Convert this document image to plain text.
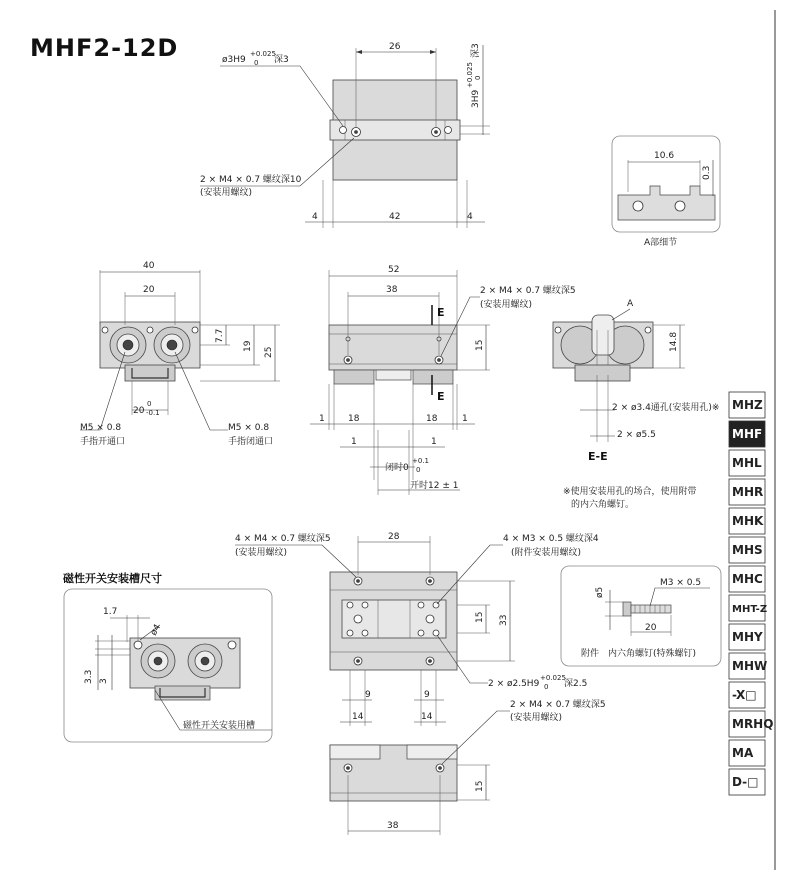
MHF2-12D	26
ø3H9
+0.025
0 深3
3H9
+0.025 0
深3
2 × M4 × 0.7 螺纹深10
(安装用螺纹)
4	42	4
10.6
0.3
A部细节
40
20
7.7
19
25
20
0
-0.1
M5 × 0.8
手指开通口
M5 × 0.8
手指闭通口
52
38	2 × M4 × 0.7 螺纹深5
(安装用螺纹)
E
E
15
1	18	18	1
1	1
闭时 0
+0.1
0
开时 12 ± 1
A
14.8
2 × ø3.4通孔(安装用孔)※
2 × ø5.5
E-E
※使用安装用孔的场合，使用附带
的内六角螺钉。
4 × M4 × 0.7 螺纹深5
(安装用螺纹)
28	4 × M3 × 0.5 螺纹深4
(附件安装用螺纹)
15 33
2 × ø2.5H9
+0.025
0 深2.5
9	9
14	14
磁性开关安装槽尺寸
1.7
ø4
3
3.3
磁性开关安装用槽
ø5
M3 × 0.5
20
附件　内六角螺钉(特殊螺钉)
2 × M4 × 0.7 螺纹深5
(安装用螺纹)
15
38
MHZ
MHF
MHL
MHR
MHK
MHS
MHC
MHT-Z
MHY
MHW
-X□
MRHQ
MA
D-□
